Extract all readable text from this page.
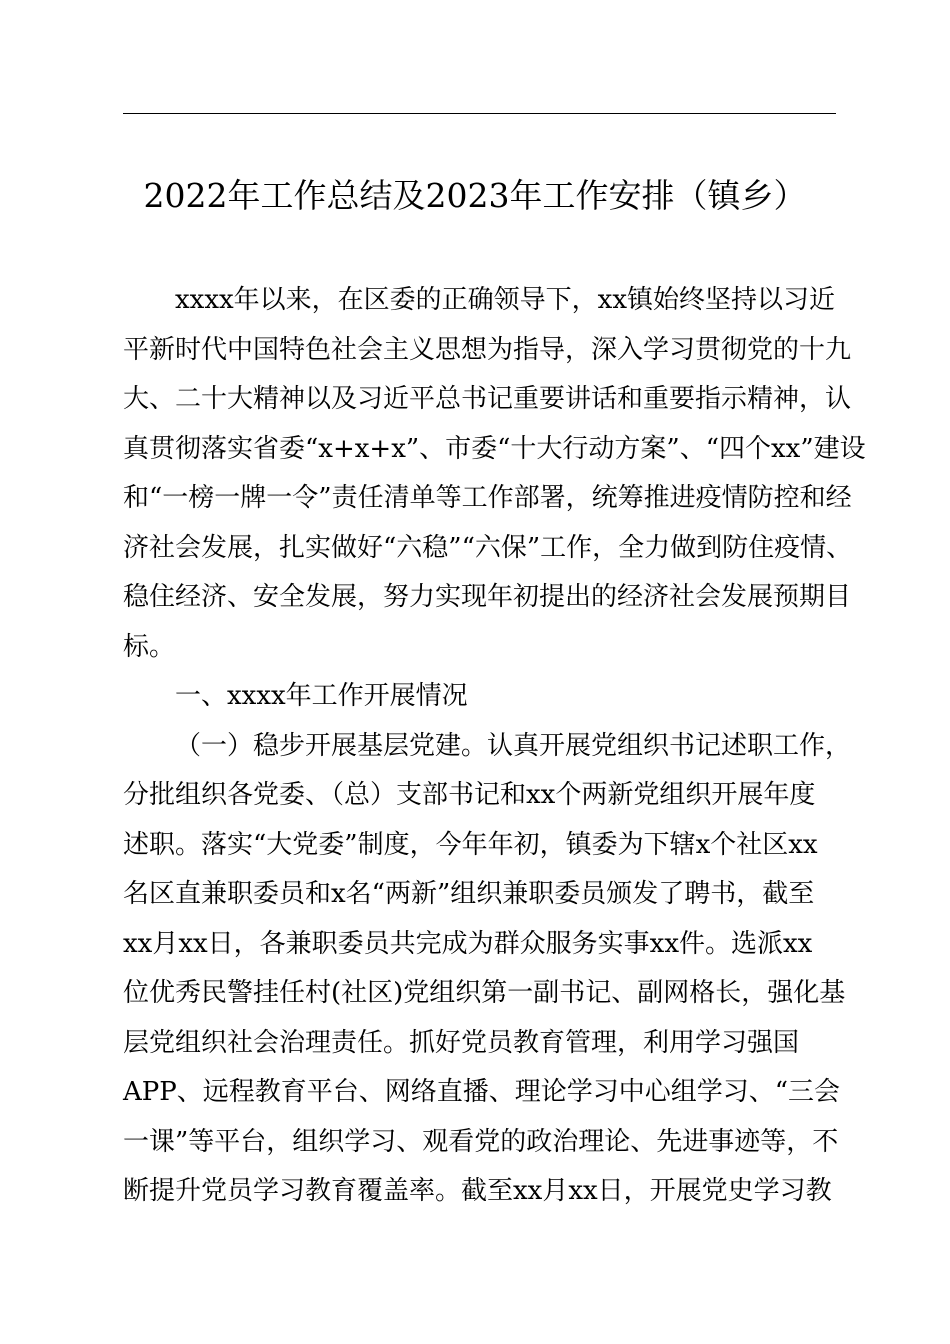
2022年工作总结及2023年工作安排（镇乡）
xxxx年以来，在区委的正确领导下，xx镇始终坚持以习近
平新时代中国特色社会主义思想为指导，深入学习贯彻党的十九
大、二十大精神以及习近平总书记重要讲话和重要指示精神，认
真贯彻落实省委“x+x+x”、市委“十大行动方案”、“四个xx”建设
和“一榜一牌一令”责任清单等工作部署，统筹推进疫情防控和经
济社会发展，扎实做好“六稳”“六保”工作，全力做到防住疫情、
稳住经济、安全发展，努力实现年初提出的经济社会发展预期目
标。
一、xxxx年工作开展情况
（一）稳步开展基层党建。认真开展党组织书记述职工作，
分批组织各党委、（总）支部书记和xx个两新党组织开展年度
述职。落实“大党委”制度，今年年初，镇委为下辖x个社区xx
名区直兼职委员和x名“两新”组织兼职委员颁发了聘书，截至
xx月xx日，各兼职委员共完成为群众服务实事xx件。选派xx
位优秀民警挂任村(社区)党组织第一副书记、副网格长，强化基
层党组织社会治理责任。抓好党员教育管理，利用学习强国
APP、远程教育平台、网络直播、理论学习中心组学习、“三会
一课”等平台，组织学习、观看党的政治理论、先进事迹等，不
断提升党员学习教育覆盖率。截至xx月xx日，开展党史学习教
